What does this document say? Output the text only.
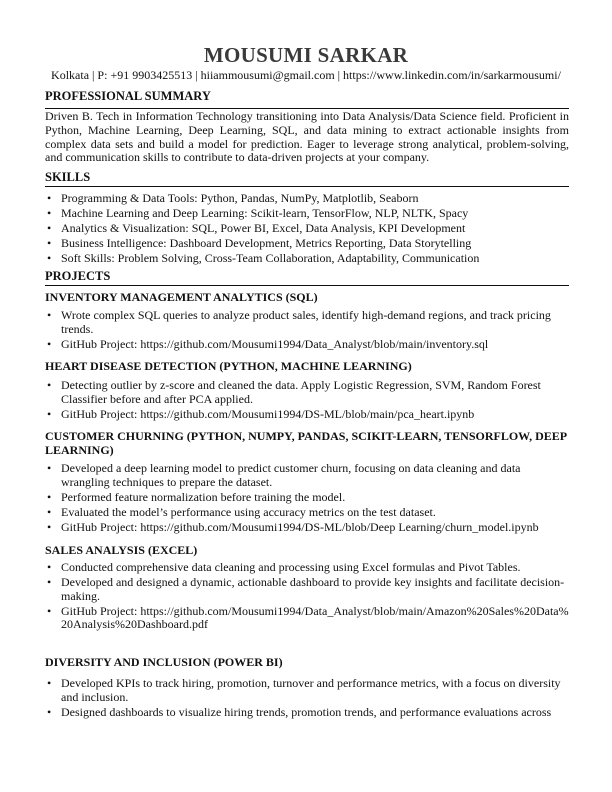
MOUSUMI SARKAR
Kolkata | P: +91 9903425513 | hiiammousumi@gmail.com | https://www.linkedin.com/in/sarkarmousumi/
PROFESSIONAL SUMMARY
Driven B. Tech in Information Technology transitioning into Data Analysis/Data Science field. Proficient in Python, Machine Learning, Deep Learning, SQL, and data mining to extract actionable insights from complex data sets and build a model for prediction. Eager to leverage strong analytical, problem-solving, and communication skills to contribute to data-driven projects at your company.
SKILLS
• Programming & Data Tools: Python, Pandas, NumPy, Matplotlib, Seaborn
• Machine Learning and Deep Learning: Scikit-learn, TensorFlow, NLP, NLTK, Spacy
• Analytics & Visualization: SQL, Power BI, Excel, Data Analysis, KPI Development
• Business Intelligence: Dashboard Development, Metrics Reporting, Data Storytelling
• Soft Skills: Problem Solving, Cross-Team Collaboration, Adaptability, Communication
PROJECTS
INVENTORY MANAGEMENT ANALYTICS (SQL)
• Wrote complex SQL queries to analyze product sales, identify high-demand regions, and track pricing trends.
• GitHub Project: https://github.com/Mousumi1994/Data_Analyst/blob/main/inventory.sql
HEART DISEASE DETECTION (PYTHON, MACHINE LEARNING)
• Detecting outlier by z-score and cleaned the data. Apply Logistic Regression, SVM, Random Forest Classifier before and after PCA applied.
• GitHub Project: https://github.com/Mousumi1994/DS-ML/blob/main/pca_heart.ipynb
CUSTOMER CHURNING (PYTHON, NUMPY, PANDAS, SCIKIT-LEARN, TENSORFLOW, DEEP LEARNING)
• Developed a deep learning model to predict customer churn, focusing on data cleaning and data wrangling techniques to prepare the dataset.
• Performed feature normalization before training the model.
• Evaluated the model’s performance using accuracy metrics on the test dataset.
• GitHub Project: https://github.com/Mousumi1994/DS-ML/blob/Deep Learning/churn_model.ipynb
SALES ANALYSIS (EXCEL)
• Conducted comprehensive data cleaning and processing using Excel formulas and Pivot Tables.
• Developed and designed a dynamic, actionable dashboard to provide key insights and facilitate decision-making.
• GitHub Project: https://github.com/Mousumi1994/Data_Analyst/blob/main/Amazon%20Sales%20Data%20Analysis%20Dashboard.pdf
DIVERSITY AND INCLUSION (POWER BI)
• Developed KPIs to track hiring, promotion, turnover and performance metrics, with a focus on diversity and inclusion.
• Designed dashboards to visualize hiring trends, promotion trends, and performance evaluations across
